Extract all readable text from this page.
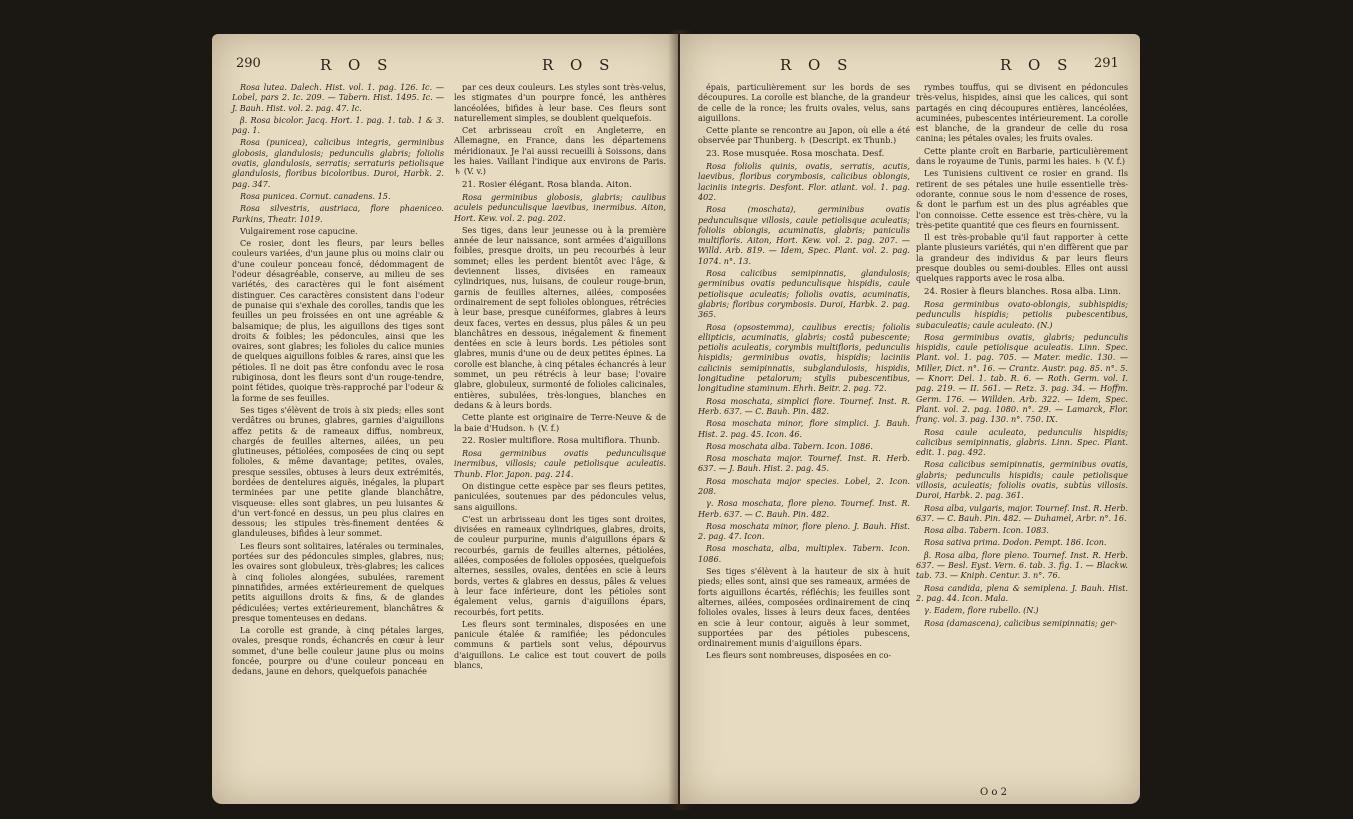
290	R O S	R O S

Rosa lutea. Dalech. Hist. vol. 1. pag. 126. Ic. — Lobel, pars 2. Ic. 209. — Tabern. Hist. 1495. Ic. — J. Bauh. Hist. vol. 2. pag. 47. Ic.

β. Rosa bicolor. Jacq. Hort. 1. pag. 1. tab. 1 & 3. pag. 1.

Rosa (punicea), calicibus integris, germinibus globosis, glandulosis; pedunculis glabris; foliolis ovatis, glandulosis, serratis; serraturis petiolisque glandulosis, floribus bicoloribus. Duroi, Harbk. 2. pag. 347.

Rosa punicea. Cornut. canadens. 15.

Rosa silvestris, austriaca, flore phaeniceo. Parkins, Theatr. 1019.

Vulgairement rose capucine.

Ce rosier, dont les fleurs, par leurs belles couleurs variées, d'un jaune plus ou moins clair ou d'une couleur ponceau foncé, dédommagent de l'odeur désagréable, conserve, au milieu de ses variétés, des caractères qui le font aisément distinguer. Ces caractères consistent dans l'odeur de punaise qui s'exhale des corolles, tandis que les feuilles un peu froissées en ont une agréable & balsamique; de plus, les aiguillons des tiges sont droits & foibles; les pédoncules, ainsi que les ovaires, sont glabres; les folioles du calice munies de quelques aiguillons foibles & rares, ainsi que les pétioles. Il ne doit pas être confondu avec le rosa rubiginosa, dont les fleurs sont d'un rouge-tendre, point fétides, quoique très-rapproché par l'odeur & la forme de ses feuilles.

Ses tiges s'élèvent de trois à six pieds; elles sont verdâtres ou brunes, glabres, garnies d'aiguillons affez petits & de rameaux diffus, nombreux, chargés de feuilles alternes, ailées, un peu glutineuses, pétiolées, composées de cinq ou sept folioles, & même davantage; petites, ovales, presque sessiles, obtuses à leurs deux extrémités, bordées de dentelures aiguës, inégales, la plupart terminées par une petite glande blanchâtre, visqueuse: elles sont glabres, un peu luisantes & d'un vert-foncé en dessus, un peu plus claires en dessous; les stipules très-finement dentées & glanduleuses, bifides à leur sommet.

Les fleurs sont solitaires, latérales ou terminales, portées sur des pédoncules simples, glabres, nus; les ovaires sont globuleux, très-glabres; les calices à cinq folioles alongées, subulées, rarement pinnatifides, armées extérieurement de quelques petits aiguillons droits & fins, & de glandes pédiculées; vertes extérieurement, blanchâtres & presque tomenteuses en dedans.

La corolle est grande, à cinq pétales larges, ovales, presque ronds, échancrés en cœur à leur sommet, d'une belle couleur jaune plus ou moins foncée, pourpre ou d'une couleur ponceau en dedans, jaune en dehors, quelquefois panachée

par ces deux couleurs. Les styles sont très-velus, les stigmates d'un pourpre foncé, les anthères lancéolées, bifides à leur base. Ces fleurs sont naturellement simples, se doublent quelquefois.

Cet arbrisseau croît en Angleterre, en Allemagne, en France, dans les départemens méridionaux. Je l'ai aussi recueilli à Soissons, dans les haies. Vaillant l'indique aux environs de Paris. ♄ (V. v.)

21. Rosier élégant. Rosa blanda. Aiton.

Rosa germinibus globosis, glabris; caulibus aculeis pedunculisque laevibus, inermibus. Aiton, Hort. Kew. vol. 2. pag. 202.

Ses tiges, dans leur jeunesse ou à la première année de leur naissance, sont armées d'aiguillons foibles, presque droits, un peu recourbés à leur sommet; elles les perdent bientôt avec l'âge, & deviennent lisses, divisées en rameaux cylindriques, nus, luisans, de couleur rouge-brun, garnis de feuilles alternes, ailées, composées ordinairement de sept folioles oblongues, rétrécies à leur base, presque cunéiformes, glabres à leurs deux faces, vertes en dessus, plus pâles & un peu blanchâtres en dessous, inégalement & finement dentées en scie à leurs bords. Les pétioles sont glabres, munis d'une ou de deux petites épines. La corolle est blanche, à cinq pétales échancrés à leur sommet, un peu rétrécis à leur base; l'ovaire glabre, globuleux, surmonté de folioles calicinales, entières, subulées, très-longues, blanches en dedans & à leurs bords.

Cette plante est originaire de Terre-Neuve & de la baie d'Hudson. ♄ (V. f.)

22. Rosier multiflore. Rosa multiflora. Thunb.

Rosa germinibus ovatis pedunculisque inermibus, villosis; caule petiolisque aculeatis. Thunb. Flor. Japon. pag. 214.

On distingue cette espèce par ses fleurs petites, paniculées, soutenues par des pédoncules velus, sans aiguillons.

C'est un arbrisseau dont les tiges sont droites, divisées en rameaux cylindriques, glabres, droits, de couleur purpurine, munis d'aiguillons épars & recourbés, garnis de feuilles alternes, pétiolées, ailées, composées de folioles opposées, quelquefois alternes, sessiles, ovales, dentées en scie à leurs bords, vertes & glabres en dessus, pâles & velues à leur face inférieure, dont les pétioles sont également velus, garnis d'aiguillons épars, recourbés, fort petits.

Les fleurs sont terminales, disposées en une panicule étalée & ramifiée; les pédoncules communs & partiels sont velus, dépourvus d'aiguillons. Le calice est tout couvert de poils blancs,

R O S	R O S 291

épais, particulièrement sur les bords de ses découpures. La corolle est blanche, de la grandeur de celle de la ronce; les fruits ovales, velus, sans aiguillons.

Cette plante se rencontre au Japon, où elle a été observée par Thunberg. ♄ (Descript. ex Thunb.)

23. Rose musquée. Rosa moschata. Desf.

Rosa foliolis quinis, ovatis, serratis, acutis, laevibus, floribus corymbosis, calicibus oblongis, laciniis integris. Desfont. Flor. atlant. vol. 1. pag. 402.

Rosa (moschata), germinibus ovatis pedunculisque villosis, caule petiolisque aculeatis; foliolis oblongis, acuminatis, glabris; paniculis multifloris. Aiton, Hort. Kew. vol. 2. pag. 207. — Willd. Arb. 819. — Idem, Spec. Plant. vol. 2. pag. 1074. n°. 13.

Rosa calicibus semipinnatis, glandulosis; germinibus ovatis pedunculisque hispidis, caule petiolisque aculeatis; foliolis ovatis, acuminatis, glabris; floribus corymbosis. Duroi, Harbk. 2. pag. 365.

Rosa (opsostemma), caulibus erectis; foliolis ellipticis, acuminatis, glabris; costâ pubescente; petiolis aculeatis, corymbis multifloris, pedunculis hispidis; germinibus ovatis, hispidis; laciniis calicinis semipinnatis, subglandulosis, hispidis, longitudine petalorum; stylis pubescentibus, longitudine staminum. Ehrh. Beitr. 2. pag. 72.

Rosa moschata, simplici flore. Tournef. Inst. R. Herb. 637. — C. Bauh. Pin. 482.

Rosa moschata minor, flore simplici. J. Bauh. Hist. 2. pag. 45. Icon. 46.

Rosa moschata alba. Tabern. Icon. 1086.

Rosa moschata major. Tournef. Inst. R. Herb. 637. — J. Bauh. Hist. 2. pag. 45.

Rosa moschata major species. Lobel, 2. Icon. 208.

γ. Rosa moschata, flore pleno. Tournef. Inst. R. Herb. 637. — C. Bauh. Pin. 482.

Rosa moschata minor, flore pleno. J. Bauh. Hist. 2. pag. 47. Icon.

Rosa moschata, alba, multiplex. Tabern. Icon. 1086.

Ses tiges s'élèvent à la hauteur de six à huit pieds; elles sont, ainsi que ses rameaux, armées de forts aiguillons écartés, réfléchis; les feuilles sont alternes, ailées, composées ordinairement de cinq folioles ovales, lisses à leurs deux faces, dentées en scie à leur contour, aiguës à leur sommet, supportées par des pétioles pubescens, ordinairement munis d'aiguillons épars.

Les fleurs sont nombreuses, disposées en co-

rymbes touffus, qui se divisent en pédoncules très-velus, hispides, ainsi que les calices, qui sont partagés en cinq découpures entières, lancéolées, acuminées, pubescentes intérieurement. La corolle est blanche, de la grandeur de celle du rosa canina; les pétales ovales; les fruits ovales.

Cette plante croît en Barbarie, particulièrement dans le royaume de Tunis, parmi les haies. ♄ (V. f.)

Les Tunisiens cultivent ce rosier en grand. Ils retirent de ses pétales une huile essentielle très-odorante, connue sous le nom d'essence de roses, & dont le parfum est un des plus agréables que l'on connoisse. Cette essence est très-chère, vu la très-petite quantité que ces fleurs en fournissent.

Il est très-probable qu'il faut rapporter à cette plante plusieurs variétés, qui n'en diffèrent que par la grandeur des individus & par leurs fleurs presque doubles ou semi-doubles. Elles ont aussi quelques rapports avec le rosa alba.

24. Rosier à fleurs blanches. Rosa alba. Linn.

Rosa germinibus ovato-oblongis, subhispidis; pedunculis hispidis; petiolis pubescentibus, subaculeatis; caule aculeato. (N.)

Rosa germinibus ovatis, glabris; pedunculis hispidis, caule petiolisque aculeatis. Linn. Spec. Plant. vol. 1. pag. 705. — Mater. medic. 130. — Miller, Dict. n°. 16. — Crantz. Austr. pag. 85. n°. 5. — Knorr. Del. 1. tab. R. 6. — Roth. Germ. vol. I. pag. 219. — II. 561. — Retz. 3. pag. 34. — Hoffm. Germ. 176. — Willden. Arb. 322. — Idem, Spec. Plant. vol. 2. pag. 1080. n°. 29. — Lamarck, Flor. franç. vol. 3. pag. 130. n°. 750. IX.

Rosa caule aculeato, pedunculis hispidis; calicibus semipinnatis, glabris. Linn. Spec. Plant. edit. 1. pag. 492.

Rosa calicibus semipinnatis, germinibus ovatis, glabris; pedunculis hispidis; caule petiolisque villosis, aculeatis; foliolis ovatis, subtùs villosis. Duroi, Harbk. 2. pag. 361.

Rosa alba, vulgaris, major. Tournef. Inst. R. Herb. 637. — C. Bauh. Pin. 482. — Duhamel, Arbr. n°. 16.

Rosa alba. Tabern. Icon. 1083.

Rosa sativa prima. Dodon. Pempt. 186. Icon.

β. Rosa alba, flore pleno. Tournef. Inst. R. Herb. 637. — Besl. Eyst. Vern. 6. tab. 3. fig. 1. — Blackw. tab. 73. — Kniph. Centur. 3. n°. 76.

Rosa candida, plena & semiplena. J. Bauh. Hist. 2. pag. 44. Icon. Mala.

γ. Eadem, flore rubello. (N.)

Rosa (damascena), calicibus semipinnatis; ger-

O o 2
